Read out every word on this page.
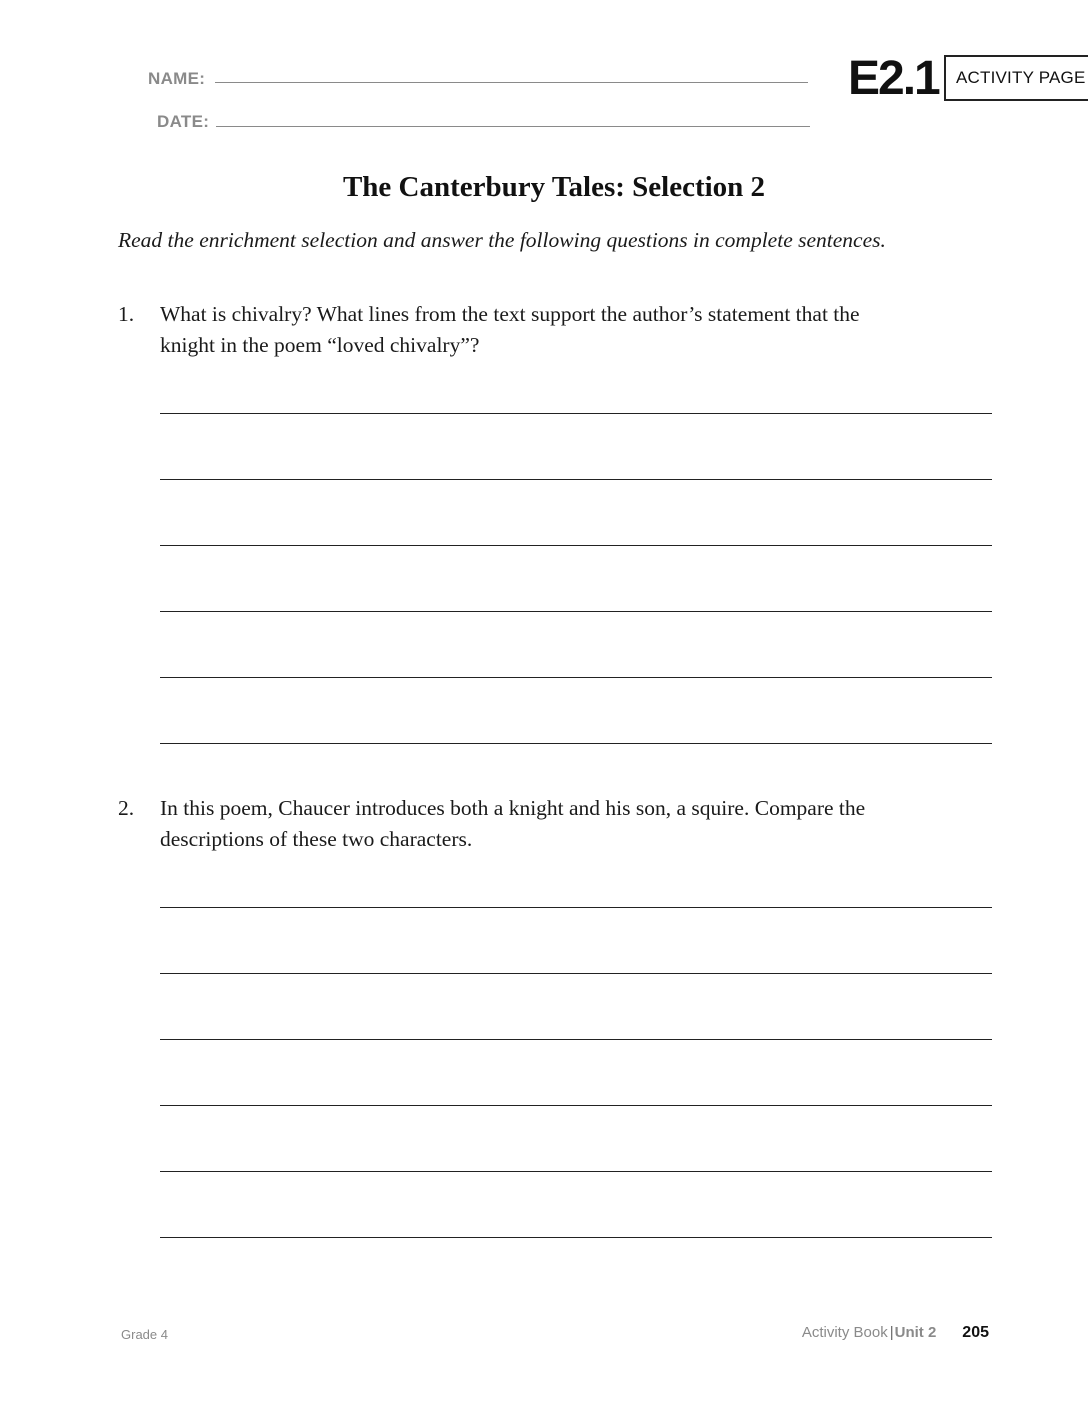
NAME:
DATE:
E2.1 ACTIVITY PAGE
The Canterbury Tales: Selection 2
Read the enrichment selection and answer the following questions in complete sentences.
1. What is chivalry? What lines from the text support the author’s statement that the
knight in the poem “loved chivalry”?
2. In this poem, Chaucer introduces both a knight and his son, a squire. Compare the
descriptions of these two characters.
Grade 4	Activity Book | Unit 2 205
